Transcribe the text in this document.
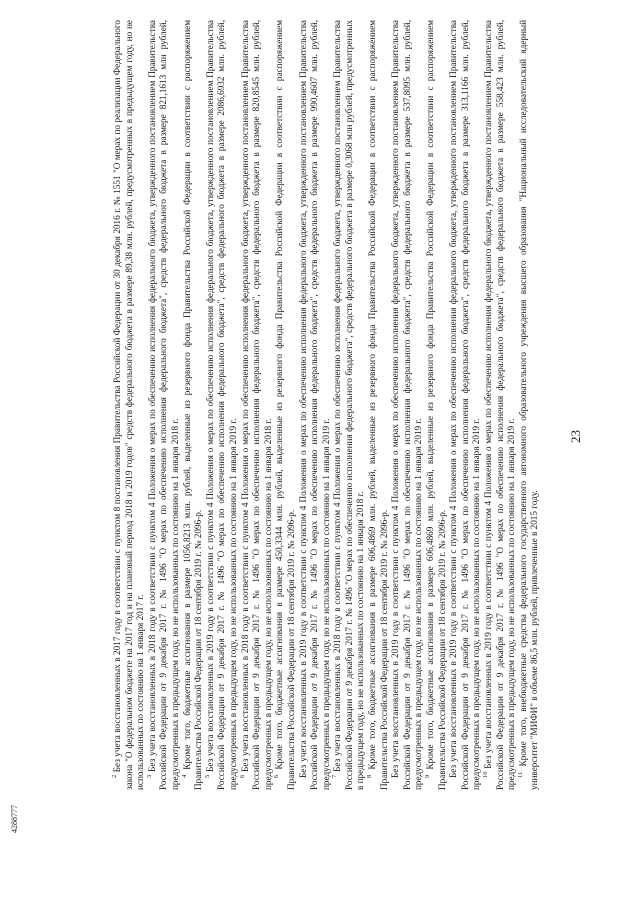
23
4288777

$^2$ Без учета восстановленных в 2017 году в соответствии с пунктом 8 постановления Правительства Российской Федерации от 30 декабря 2016 г. № 1551 "О мерах по реализации Федерального закона "О федеральном бюджете на 2017 год и на плановый период 2018 и 2019 годов" средств федерального бюджета в размере 89,38 млн. рублей, предусмотренных в предыдущем году, но не использованных по состоянию на 1 января 2017 г. $^3$ Без учета восстановленных в 2018 году в соответствии с пунктом 4 Положения о мерах по обеспечению исполнения федерального бюджета, утвержденного постановлением Правительства Российской Федерации от 9 декабря 2017 г. № 1496 "О мерах по обеспечению исполнения федерального бюджета", средств федерального бюджета в размере 821,1613 млн рублей, предусмотренных в предыдущем году, но не использованных по состоянию на 1 января 2018 г. $^4$ Кроме того, бюджетные ассигнования в размере 1056,8213 млн. рублей, выделенные из резервного фонда Правительства Российской Федерации в соответствии с распоряжением Правительства Российской Федерации от 18 сентября 2019 г. № 2096-р. $^5$ Без учета восстановленных в 2019 году в соответствии с пунктом 4 Положения о мерах по обеспечению исполнения федерального бюджета, утвержденного постановлением Правительства Российской Федерации от 9 декабря 2017 г. № 1496 "О мерах по обеспечению исполнения федерального бюджета", средств федерального бюджета в размере 2086,6932 млн. рублей, предусмотренных в предыдущем году, но не использованных по состоянию на 1 января 2019 г. $^6$ Без учета восстановленных в 2018 году в соответствии с пунктом 4 Положения о мерах по обеспечению исполнения федерального бюджета, утвержденного постановлением Правительства Российской Федерации от 9 декабря 2017 г. № 1496 "О мерах по обеспечению исполнения федерального бюджета", средств федерального бюджета в размере 820,8545 млн. рублей, предусмотренных в предыдущем году, но не использованных по состоянию на 1 января 2018 г. $^6$ Кроме того, бюджетные ассигнования в размере 450,3344 млн. рублей, выделенные из резервного фонда Правительства Российской Федерации в соответствии с распоряжением Правительства Российской Федерации от 18 сентября 2019 г. № 2096-р. Без учета восстановленных в 2019 году в соответствии с пунктом 4 Положения о мерах по обеспечению исполнения федерального бюджета, утвержденного постановлением Правительства Российской Федерации от 9 декабря 2017 г. № 1496 "О мерах по обеспечению исполнения федерального бюджета", средств федерального бюджета в размере 990,4607 млн. рублей, предусмотренных в предыдущем году, но не использованных по состоянию на 1 января 2019 г. $^7$ Без учета восстановленных в 2018 году в соответствии с пунктом 4 Положения о мерах по обеспечению исполнения федерального бюджета, утвержденного постановлением Правительства Российской Федерации от 9 декабря 2017 г. № 1496 "О мерах по обеспечению исполнения федерального бюджета", средств федерального бюджета в размере 0,3068 млн рублей, предусмотренных в предыдущем году, но не использованных по состоянию на 1 января 2018 г. $^8$ Кроме того, бюджетные ассигнования в размере 606,4869 млн. рублей, выделенные из резервного фонда Правительства Российской Федерации в соответствии с распоряжением Правительства Российской Федерации от 18 сентября 2019 г. № 2096-р. Без учета восстановленных в 2019 году в соответствии с пунктом 4 Положения о мерах по обеспечению исполнения федерального бюджета, утвержденного постановлением Правительства Российской Федерации от 9 декабря 2017 г. № 1496 "О мерах по обеспечению исполнения федерального бюджета", средств федерального бюджета в размере 537,8095 млн. рублей, предусмотренных в предыдущем году, но не использованных по состоянию на 1 января 2019 г. $^9$ Кроме того, бюджетные ассигнования в размере 606,4869 млн. рублей, выделенные из резервного фонда Правительства Российской Федерации в соответствии с распоряжением Правительства Российской Федерации от 18 сентября 2019 г. № 2096-р. Без учета восстановленных в 2019 году в соответствии с пунктом 4 Положения о мерах по обеспечению исполнения федерального бюджета, утвержденного постановлением Правительства Российской Федерации от 9 декабря 2017 г. № 1496 "О мерах по обеспечению исполнения федерального бюджета", средств федерального бюджета в размере 313,1166 млн. рублей, предусмотренных в предыдущем году, но не использованных по состоянию на 1 января 2019 г. $^{10}$ Без учета восстановленных в 2019 году в соответствии с пунктом 4 Положения о мерах по обеспечению исполнения федерального бюджета, утвержденного постановлением Правительства Российской Федерации от 9 декабря 2017 г. № 1496 "О мерах по обеспечению исполнения федерального бюджета", средств федерального бюджета в размере 558,423 млн. рублей, предусмотренных в предыдущем году, но не использованных по состоянию на 1 января 2019 г. $^{11}$ Кроме того, внебюджетные средства федерального государственного автономного образовательного учреждения высшего образования "Национальный исследовательский ядерный университет "МИФИ" в объеме 86,5 млн. рублей, привлеченные в 2015 году.
